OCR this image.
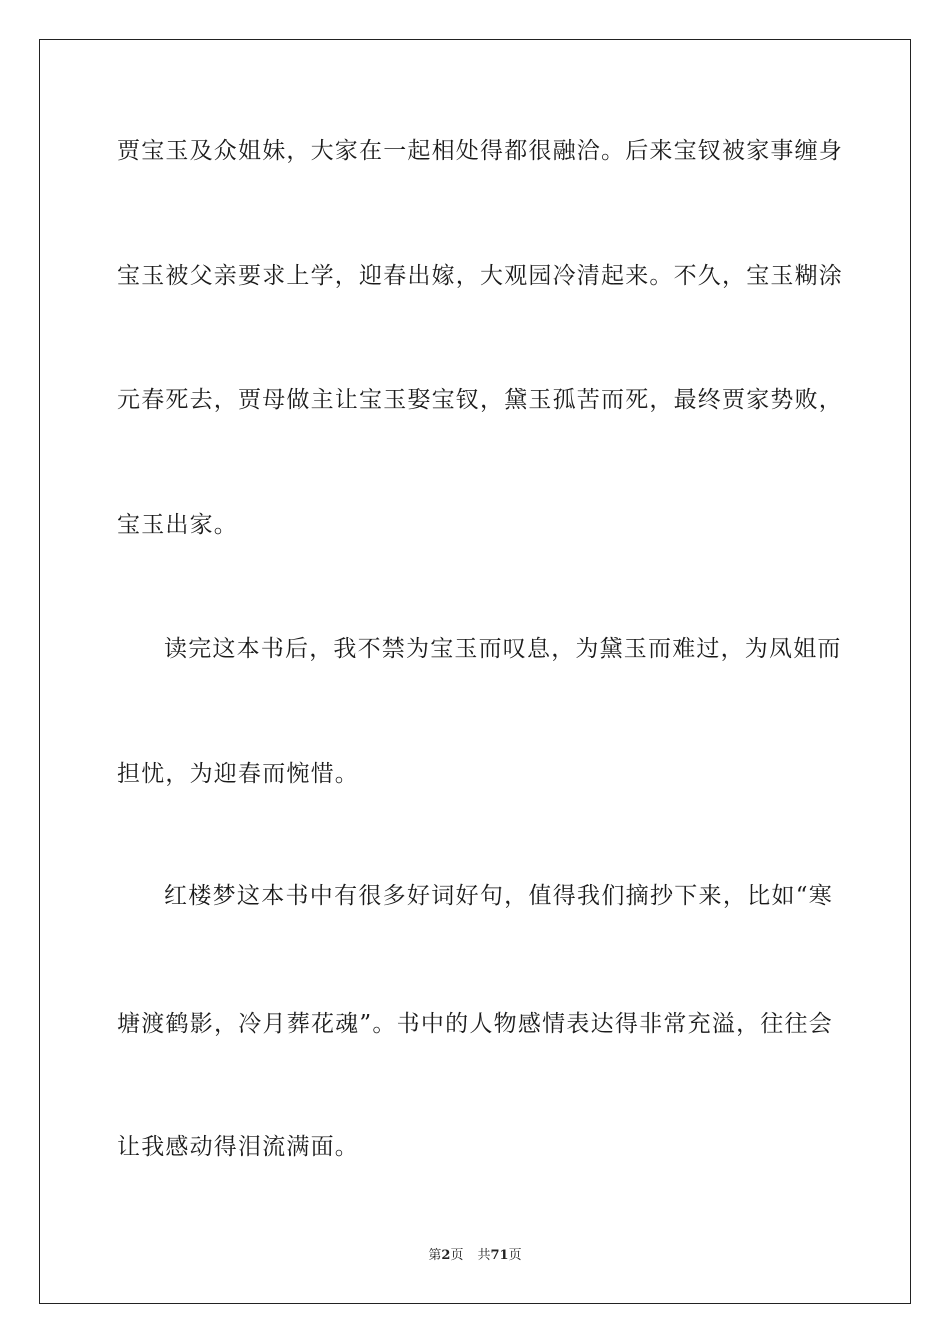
贾宝玉及众姐妹，大家在一起相处得都很融洽。后来宝钗被家事缠身
宝玉被父亲要求上学，迎春出嫁，大观园冷清起来。不久，宝玉糊涂
元春死去，贾母做主让宝玉娶宝钗，黛玉孤苦而死，最终贾家势败，
宝玉出家。
读完这本书后，我不禁为宝玉而叹息，为黛玉而难过，为凤姐而
担忧，为迎春而惋惜。
红楼梦这本书中有很多好词好句，值得我们摘抄下来，比如“寒
塘渡鹤影，冷月葬花魂”。书中的人物感情表达得非常充溢，往往会
让我感动得泪流满面。
第2页 共71页
